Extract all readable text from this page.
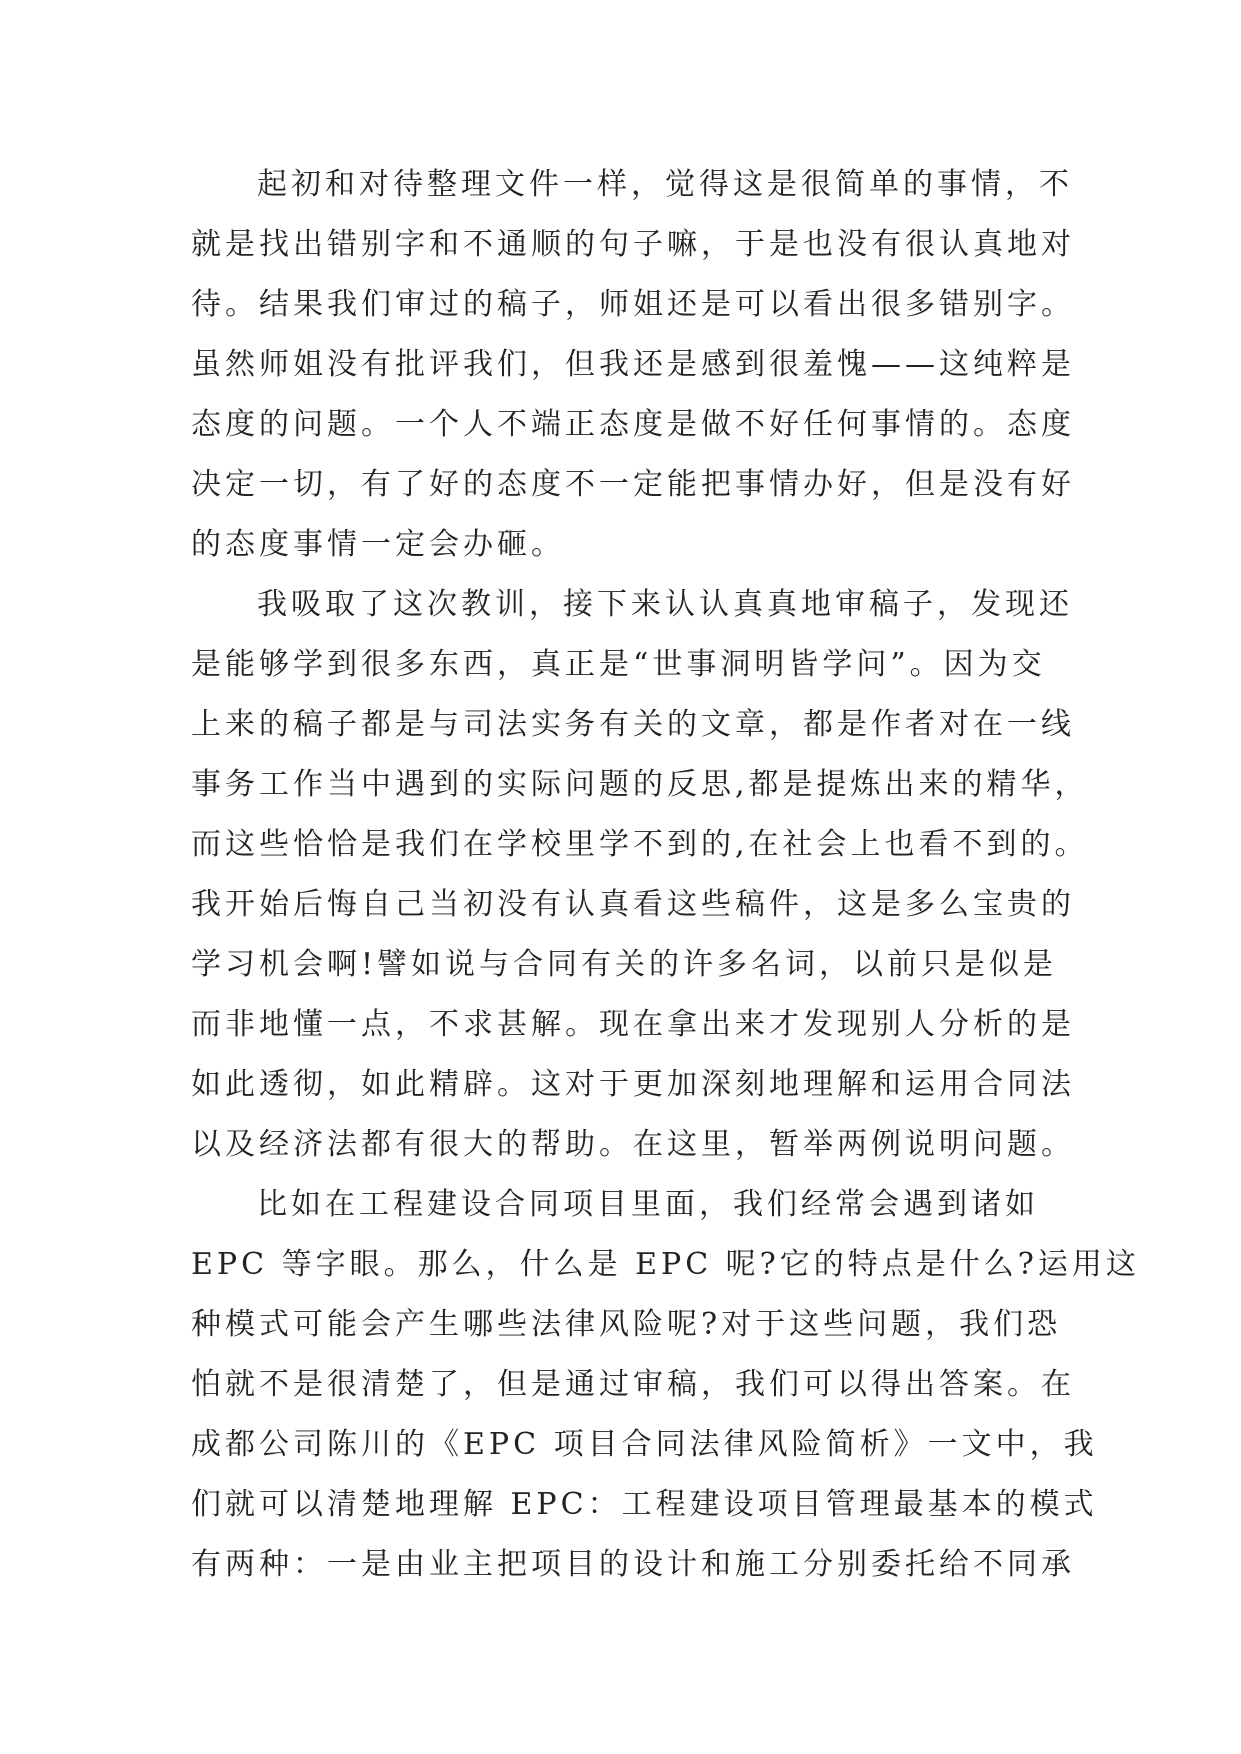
起初和对待整理文件一样，觉得这是很简单的事情，不
就是找出错别字和不通顺的句子嘛，于是也没有很认真地对
待。结果我们审过的稿子，师姐还是可以看出很多错别字。
虽然师姐没有批评我们，但我还是感到很羞愧——这纯粹是
态度的问题。一个人不端正态度是做不好任何事情的。态度
决定一切，有了好的态度不一定能把事情办好，但是没有好
的态度事情一定会办砸。
我吸取了这次教训，接下来认认真真地审稿子，发现还
是能够学到很多东西，真正是“世事洞明皆学问”。因为交
上来的稿子都是与司法实务有关的文章，都是作者对在一线
事务工作当中遇到的实际问题的反思,都是提炼出来的精华，
而这些恰恰是我们在学校里学不到的,在社会上也看不到的。
我开始后悔自己当初没有认真看这些稿件，这是多么宝贵的
学习机会啊!譬如说与合同有关的许多名词，以前只是似是
而非地懂一点，不求甚解。现在拿出来才发现别人分析的是
如此透彻，如此精辟。这对于更加深刻地理解和运用合同法
以及经济法都有很大的帮助。在这里，暂举两例说明问题。
比如在工程建设合同项目里面，我们经常会遇到诸如
EPC 等字眼。那么，什么是 EPC 呢?它的特点是什么?运用这
种模式可能会产生哪些法律风险呢?对于这些问题，我们恐
怕就不是很清楚了，但是通过审稿，我们可以得出答案。在
成都公司陈川的《EPC 项目合同法律风险简析》一文中，我
们就可以清楚地理解 EPC：工程建设项目管理最基本的模式
有两种：一是由业主把项目的设计和施工分别委托给不同承
